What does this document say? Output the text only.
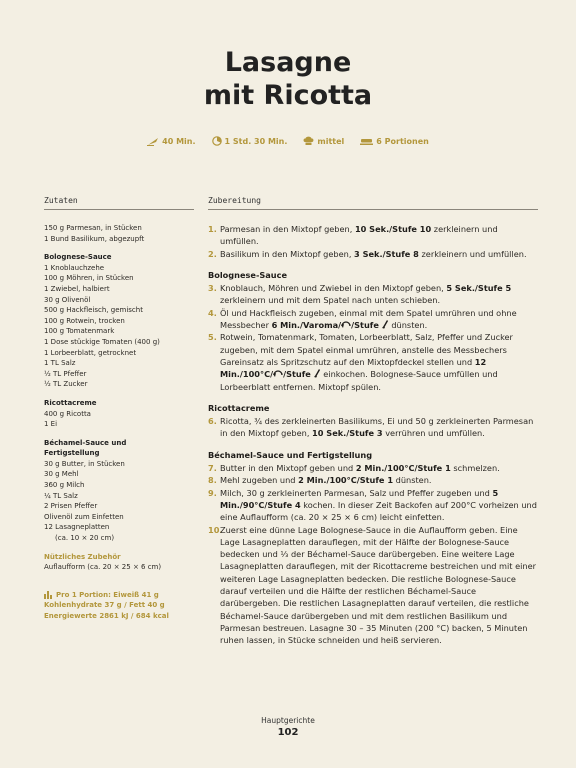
Lasagne
mit Ricotta
40 Min.	1 Std. 30 Min.	mittel	6 Portionen
Zutaten
150 g Parmesan, in Stücken
1 Bund Basilikum, abgezupft
Bolognese-Sauce
1 Knoblauchzehe
100 g Möhren, in Stücken
1 Zwiebel, halbiert
30 g Olivenöl
500 g Hackfleisch, gemischt
100 g Rotwein, trocken
100 g Tomatenmark
1 Dose stückige Tomaten (400 g)
1 Lorbeerblatt, getrocknet
1 TL Salz
½ TL Pfeffer
½ TL Zucker
Ricottacreme
400 g Ricotta
1 Ei
Béchamel-Sauce und
Fertigstellung
30 g Butter, in Stücken
30 g Mehl
360 g Milch
¼ TL Salz
2 Prisen Pfeffer
Olivenöl zum Einfetten
12 Lasagneplatten
(ca. 10 × 20 cm)
Nützliches Zubehör
Auflaufform (ca. 20 × 25 × 6 cm)
Pro 1 Portion: Eiweiß 41 g
Kohlenhydrate 37 g / Fett 40 g
Energiewerte 2861 kJ / 684 kcal
Zubereitung
1. Parmesan in den Mixtopf geben, 10 Sek./Stufe 10 zerkleinern und umfüllen.
2. Basilikum in den Mixtopf geben, 3 Sek./Stufe 8 zerkleinern und umfüllen.
Bolognese-Sauce
3. Knoblauch, Möhren und Zwiebel in den Mixtopf geben, 5 Sek./Stufe 5 zerkleinern und mit dem Spatel nach unten schieben.
4. Öl und Hackfleisch zugeben, einmal mit dem Spatel umrühren und ohne Messbecher 6 Min./Varoma/ /Stufe  dünsten.
5. Rotwein, Tomatenmark, Tomaten, Lorbeerblatt, Salz, Pfeffer und Zucker zugeben, mit dem Spatel einmal umrühren, anstelle des Messbechers Gareinsatz als Spritzschutz auf den Mixtopfdeckel stellen und 12 Min./100°C/ /Stufe  einkochen. Bolognese-Sauce umfüllen und Lorbeerblatt entfernen. Mixtopf spülen.
Ricottacreme
6. Ricotta, ¾ des zerkleinerten Basilikums, Ei und 50 g zerkleinerten Parmesan in den Mixtopf geben, 10 Sek./Stufe 3 verrühren und umfüllen.
Béchamel-Sauce und Fertigstellung
7. Butter in den Mixtopf geben und 2 Min./100°C/Stufe 1 schmelzen.
8. Mehl zugeben und 2 Min./100°C/Stufe 1 dünsten.
9. Milch, 30 g zerkleinerten Parmesan, Salz und Pfeffer zugeben und 5 Min./90°C/Stufe 4 kochen. In dieser Zeit Backofen auf 200°C vorheizen und eine Auflaufform (ca. 20 × 25 × 6 cm) leicht einfetten.
10.
Zuerst eine dünne Lage Bolognese-Sauce in die Auflaufform geben. Eine Lage Lasagneplatten darauflegen, mit der Hälfte der Bolognese-Sauce bedecken und ⅓ der Béchamel-Sauce darübergeben. Eine weitere Lage Lasagneplatten darauflegen, mit der Ricottacreme bestreichen und mit einer weiteren Lage Lasagneplatten bedecken. Die restliche Bolognese-Sauce darauf verteilen und die Hälfte der restlichen Béchamel-Sauce darübergeben. Die restlichen Lasagneplatten darauf verteilen, die restliche Béchamel-Sauce darübergeben und mit dem restlichen Basilikum und Parmesan bestreuen. Lasagne 30 – 35 Minuten (200 °C) backen, 5 Minuten ruhen lassen, in Stücke schneiden und heiß servieren.
Hauptgerichte
102
